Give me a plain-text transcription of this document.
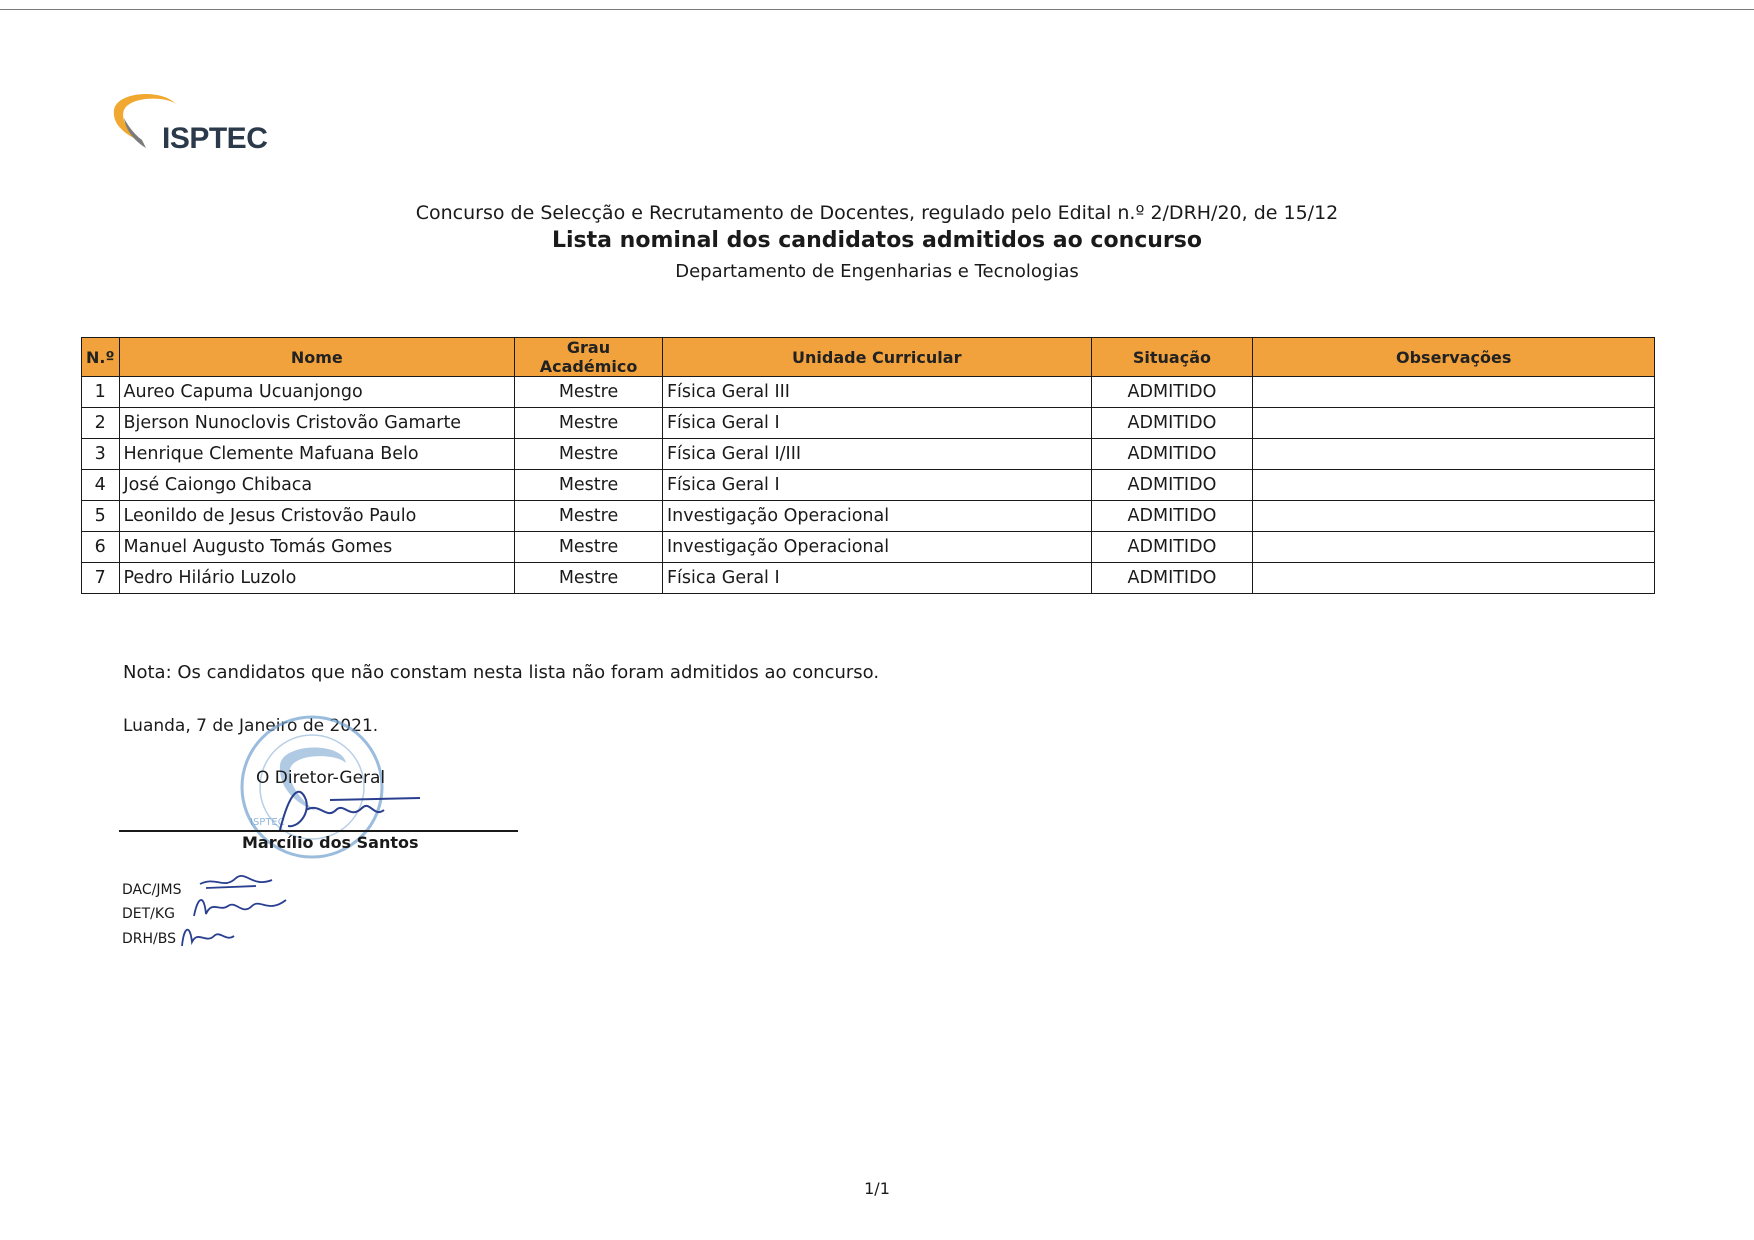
ISPTEC
Concurso de Selecção e Recrutamento de Docentes, regulado pelo Edital n.º 2/DRH/20, de 15/12
Lista nominal dos candidatos admitidos ao concurso
Departamento de Engenharias e Tecnologias
N.º	Nome	Grau Académico	Unidade Curricular	Situação	Observações
1	Aureo Capuma Ucuanjongo	Mestre	Física Geral III	ADMITIDO	
2	Bjerson Nunoclovis Cristovão Gamarte	Mestre	Física Geral I	ADMITIDO	
3	Henrique Clemente Mafuana Belo	Mestre	Física Geral I/III	ADMITIDO	
4	José Caiongo Chibaca	Mestre	Física Geral I	ADMITIDO	
5	Leonildo de Jesus Cristovão Paulo	Mestre	Investigação Operacional	ADMITIDO	
6	Manuel Augusto Tomás Gomes	Mestre	Investigação Operacional	ADMITIDO	
7	Pedro Hilário Luzolo	Mestre	Física Geral I	ADMITIDO	
Nota: Os candidatos que não constam nesta lista não foram admitidos ao concurso.
Luanda, 7 de Janeiro de 2021.
ISPTEC
O Diretor-Geral
Marcílio dos Santos
DAC/JMS
DET/KG
DRH/BS
1/1
